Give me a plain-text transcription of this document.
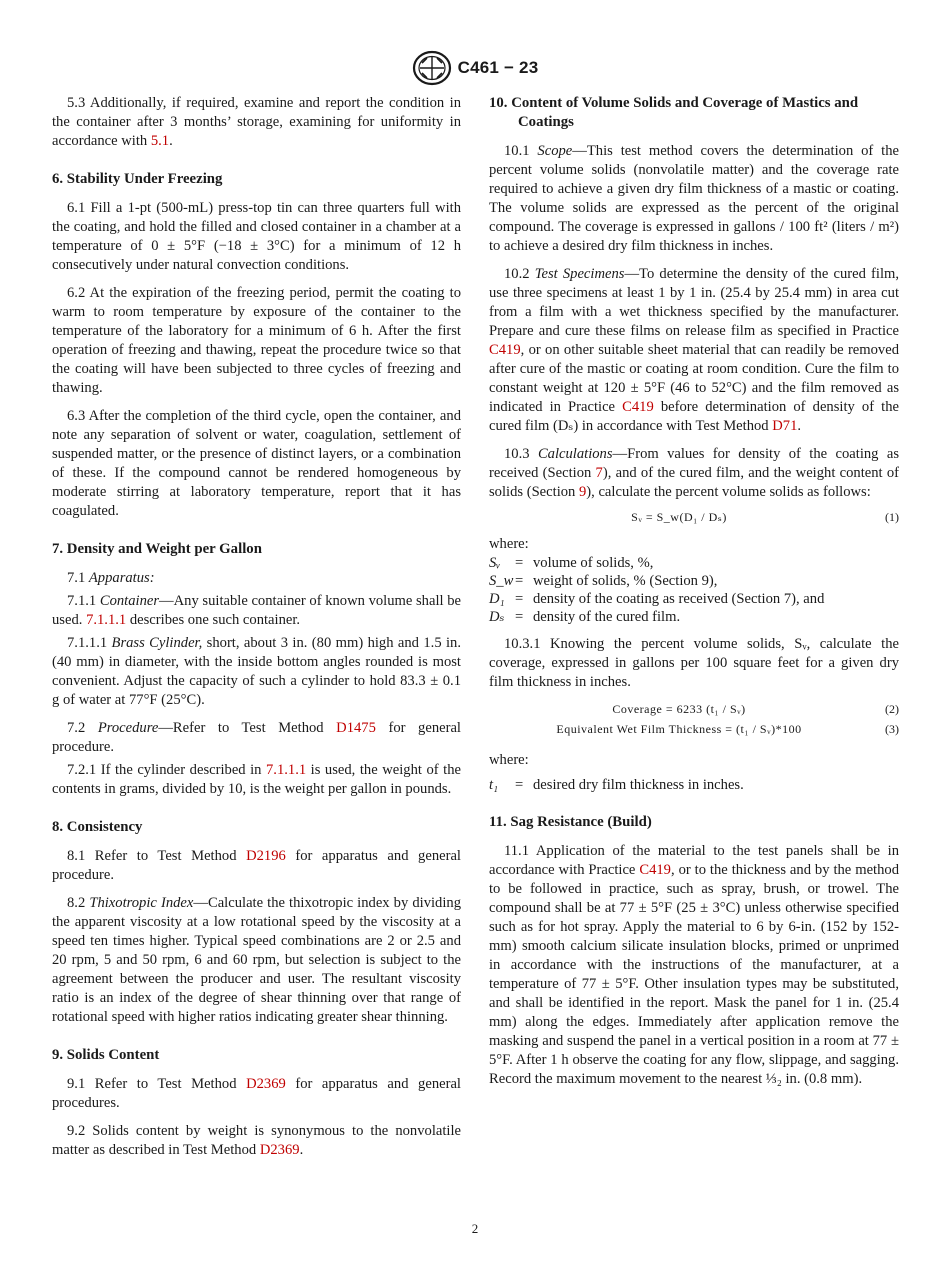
C461 − 23

5.3 Additionally, if required, examine and report the condition in the container after 3 months’ storage, examining for uniformity in accordance with 5.1.

6. Stability Under Freezing

6.1 Fill a 1-pt (500-mL) press-top tin can three quarters full with the coating, and hold the filled and closed container in a chamber at a temperature of 0 ± 5°F (−18 ± 3°C) for a minimum of 12 h consecutively under natural convection conditions.

6.2 At the expiration of the freezing period, permit the coating to warm to room temperature by exposure of the container to the temperature of the laboratory for a minimum of 6 h. After the first operation of freezing and thawing, repeat the procedure twice so that the coating will have been subjected to three cycles of freezing and thawing.

6.3 After the completion of the third cycle, open the container, and note any separation of solvent or water, coagulation, settlement of suspended matter, or the presence of distinct layers, or a combination of these. If the compound cannot be rendered homogeneous by moderate stirring at laboratory temperature, report that it has coagulated.

7. Density and Weight per Gallon

7.1 Apparatus:

7.1.1 Container—Any suitable container of known volume shall be used. 7.1.1.1 describes one such container.

7.1.1.1 Brass Cylinder, short, about 3 in. (80 mm) high and 1.5 in. (40 mm) in diameter, with the inside bottom angles rounded is most convenient. Adjust the capacity of such a cylinder to hold 83.3 ± 0.1 g of water at 77°F (25°C).

7.2 Procedure—Refer to Test Method D1475 for general procedure.

7.2.1 If the cylinder described in 7.1.1.1 is used, the weight of the contents in grams, divided by 10, is the weight per gallon in pounds.

8. Consistency

8.1 Refer to Test Method D2196 for apparatus and general procedure.

8.2 Thixotropic Index—Calculate the thixotropic index by dividing the apparent viscosity at a low rotational speed by the viscosity at a speed ten times higher. Typical speed combinations are 2 or 2.5 and 20 rpm, 5 and 50 rpm, 6 and 60 rpm, but selection is subject to the agreement between the producer and user. The resultant viscosity ratio is an index of the degree of shear thinning over that range of rotational speed with higher ratios indicating greater shear thinning.

9. Solids Content

9.1 Refer to Test Method D2369 for apparatus and general procedures.

9.2 Solids content by weight is synonymous to the nonvolatile matter as described in Test Method D2369.

10. Content of Volume Solids and Coverage of Mastics and Coatings

10.1 Scope—This test method covers the determination of the percent volume solids (nonvolatile matter) and the coverage rate required to achieve a given dry film thickness of a mastic or coating. The volume solids are expressed as the percent of the original compound. The coverage is expressed in gallons / 100 ft² (liters / m²) to achieve a desired dry film thickness in inches.

10.2 Test Specimens—To determine the density of the cured film, use three specimens at least 1 by 1 in. (25.4 by 25.4 mm) in area cut from a film with a wet thickness specified by the manufacturer. Prepare and cure these films on release film as specified in Practice C419, or on other suitable sheet material that can readily be removed after cure of the mastic or coating at room condition. Cure the film to constant weight at 120 ± 5°F (46 to 52°C) and the film removed as indicated in Practice C419 before determination of density of the cured film (Dₛ) in accordance with Test Method D71.

10.3 Calculations—From values for density of the coating as received (Section 7), and of the cured film, and the weight content of solids (Section 9), calculate the percent volume solids as follows:

Sᵥ = S_w(D₁ / Dₛ)	(1)

where:

Sᵥ	= volume of solids, %,
S_w = weight of solids, % (Section 9),
D₁ = density of the coating as received (Section 7), and
Dₛ = density of the cured film.

10.3.1 Knowing the percent volume solids, Sᵥ, calculate the coverage, expressed in gallons per 100 square feet for a given dry film thickness in inches.

Coverage = 6233 (t₁ / Sᵥ)	(2)
Equivalent Wet Film Thickness = (t₁ / Sᵥ)*100	(3)

where:

t₁	= desired dry film thickness in inches.
11. Sag Resistance (Build)

11.1 Application of the material to the test panels shall be in accordance with Practice C419, or to the thickness and by the method to be followed in practice, such as spray, brush, or trowel. The compound shall be at 77 ± 5°F (25 ± 3°C) unless otherwise specified such as for hot spray. Apply the material to 6 by 6-in. (152 by 152-mm) smooth calcium silicate insulation blocks, primed or unprimed in accordance with the instructions of the manufacturer, at a temperature of 77 ± 5°F. Other insulation types may be substituted, and shall be identified in the report. Mask the panel for 1 in. (25.4 mm) along the edges. Immediately after application remove the masking and suspend the panel in a vertical position in a room at 77 ± 5°F. After 1 h observe the coating for any flow, slippage, and sagging. Record the maximum movement to the nearest ⅓₂ in. (0.8 mm).

2
